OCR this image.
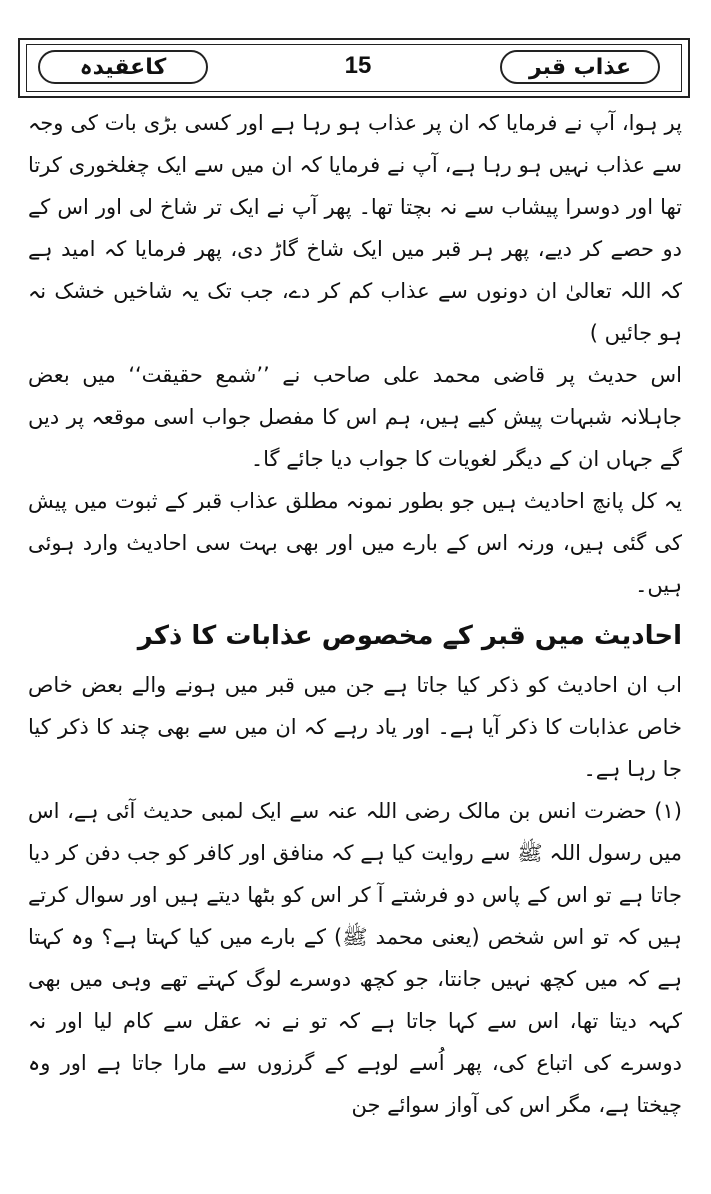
عذاب قبر
15
کاعقیدہ

پر ہوا، آپ نے فرمایا کہ ان پر عذاب ہو رہا ہے اور کسی بڑی بات کی وجہ سے عذاب نہیں ہو رہا ہے، آپ نے فرمایا کہ ان میں سے ایک چغلخوری کرتا تھا اور دوسرا پیشاب سے نہ بچتا تھا۔ پھر آپ نے ایک تر شاخ لی اور اس کے دو حصے کر دیے، پھر ہر قبر میں ایک شاخ گاڑ دی، پھر فرمایا کہ امید ہے کہ اللہ تعالیٰ ان دونوں سے عذاب کم کر دے، جب تک یہ شاخیں خشک نہ ہو جائیں )

اس حدیث پر قاضی محمد علی صاحب نے ’’شمع حقیقت‘‘ میں بعض جاہلانہ شبہات پیش کیے ہیں، ہم اس کا مفصل جواب اسی موقعہ پر دیں گے جہاں ان کے دیگر لغویات کا جواب دیا جائے گا۔

یہ کل پانچ احادیث ہیں جو بطور نمونہ مطلق عذاب قبر کے ثبوت میں پیش کی گئی ہیں، ورنہ اس کے بارے میں اور بھی بہت سی احادیث وارد ہوئی ہیں۔

احادیث میں قبر کے مخصوص عذابات کا ذکر

اب ان احادیث کو ذکر کیا جاتا ہے جن میں قبر میں ہونے والے بعض خاص خاص عذابات کا ذکر آیا ہے۔ اور یاد رہے کہ ان میں سے بھی چند کا ذکر کیا جا رہا ہے۔

(۱) حضرت انس بن مالک رضی اللہ عنہ سے ایک لمبی حدیث آئی ہے، اس میں رسول اللہ ﷺ سے روایت کیا ہے کہ منافق اور کافر کو جب دفن کر دیا جاتا ہے تو اس کے پاس دو فرشتے آ کر اس کو بٹھا دیتے ہیں اور سوال کرتے ہیں کہ تو اس شخص (یعنی محمد ﷺ) کے بارے میں کیا کہتا ہے؟ وہ کہتا ہے کہ میں کچھ نہیں جانتا، جو کچھ دوسرے لوگ کہتے تھے وہی میں بھی کہہ دیتا تھا، اس سے کہا جاتا ہے کہ تو نے نہ عقل سے کام لیا اور نہ دوسرے کی اتباع کی، پھر اُسے لوہے کے گرزوں سے مارا جاتا ہے اور وہ چیختا ہے، مگر اس کی آواز سوائے جن
